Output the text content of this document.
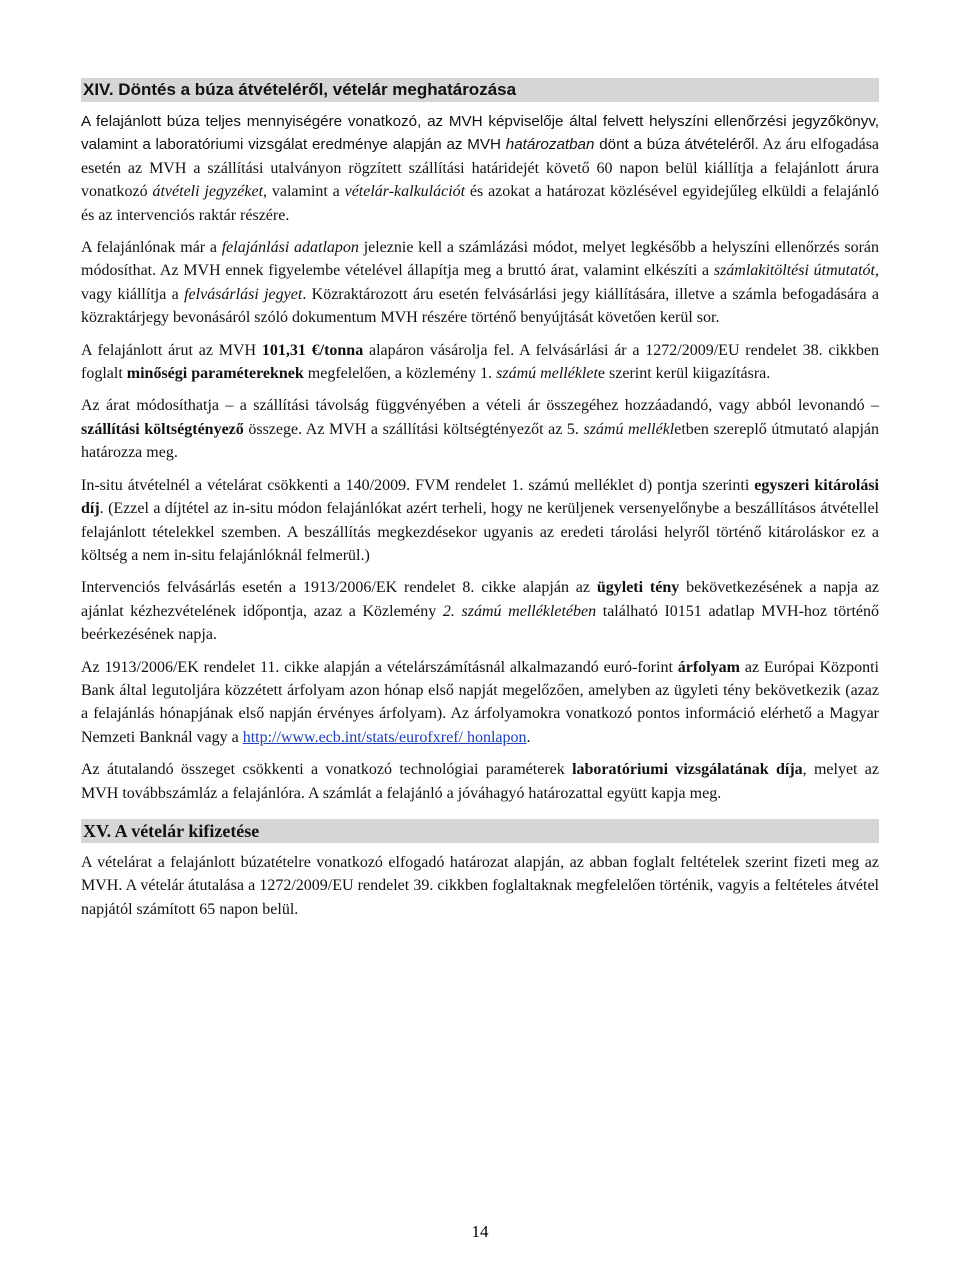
XIV. Döntés a búza átvételéről, vételár meghatározása

A felajánlott búza teljes mennyiségére vonatkozó, az MVH képviselője által felvett helyszíni ellenőrzési jegyzőkönyv, valamint a laboratóriumi vizsgálat eredménye alapján az MVH határozatban dönt a búza átvételéről. Az áru elfogadása esetén az MVH a szállítási utalványon rögzített szállítási határidejét követő 60 napon belül kiállítja a felajánlott árura vonatkozó átvételi jegyzéket, valamint a vételár-kalkulációt és azokat a határozat közlésével egyidejűleg elküldi a felajánló és az intervenciós raktár részére.

A felajánlónak már a felajánlási adatlapon jeleznie kell a számlázási módot, melyet legkésőbb a helyszíni ellenőrzés során módosíthat. Az MVH ennek figyelembe vételével állapítja meg a bruttó árat, valamint elkészíti a számlakitöltési útmutatót, vagy kiállítja a felvásárlási jegyet. Közraktározott áru esetén felvásárlási jegy kiállítására, illetve a számla befogadására a közraktárjegy bevonásáról szóló dokumentum MVH részére történő benyújtását követően kerül sor.

A felajánlott árut az MVH 101,31 €/tonna alapáron vásárolja fel. A felvásárlási ár a 1272/2009/EU rendelet 38. cikkben foglalt minőségi paramétereknek megfelelően, a közlemény 1. számú melléklete szerint kerül kiigazításra.

Az árat módosíthatja – a szállítási távolság függvényében a vételi ár összegéhez hozzáadandó, vagy abból levonandó – szállítási költségtényező összege. Az MVH a szállítási költségtényezőt az 5. számú mellékletben szereplő útmutató alapján határozza meg.

In-situ átvételnél a vételárat csökkenti a 140/2009. FVM rendelet 1. számú melléklet d) pontja szerinti egyszeri kitárolási díj. (Ezzel a díjtétel az in-situ módon felajánlókat azért terheli, hogy ne kerüljenek versenyelőnybe a beszállításos átvétellel felajánlott tételekkel szemben. A beszállítás megkezdésekor ugyanis az eredeti tárolási helyről történő kitároláskor ez a költség a nem in-situ felajánlóknál felmerül.)

Intervenciós felvásárlás esetén a 1913/2006/EK rendelet 8. cikke alapján az ügyleti tény bekövetkezésének a napja az ajánlat kézhezvételének időpontja, azaz a Közlemény 2. számú mellékletében található I0151 adatlap MVH-hoz történő beérkezésének napja.

Az 1913/2006/EK rendelet 11. cikke alapján a vételárszámításnál alkalmazandó euró-forint árfolyam az Európai Központi Bank által legutoljára közzétett árfolyam azon hónap első napját megelőzően, amelyben az ügyleti tény bekövetkezik (azaz a felajánlás hónapjának első napján érvényes árfolyam). Az árfolyamokra vonatkozó pontos információ elérhető a Magyar Nemzeti Banknál vagy a http://www.ecb.int/stats/eurofxref/ honlapon.

Az átutalandó összeget csökkenti a vonatkozó technológiai paraméterek laboratóriumi vizsgálatának díja, melyet az MVH továbbszámláz a felajánlóra. A számlát a felajánló a jóváhagyó határozattal együtt kapja meg.

XV. A vételár kifizetése

A vételárat a felajánlott búzatételre vonatkozó elfogadó határozat alapján, az abban foglalt feltételek szerint fizeti meg az MVH. A vételár átutalása a 1272/2009/EU rendelet 39. cikkben foglaltaknak megfelelően történik, vagyis a feltételes átvétel napjától számított 65 napon belül.

14
